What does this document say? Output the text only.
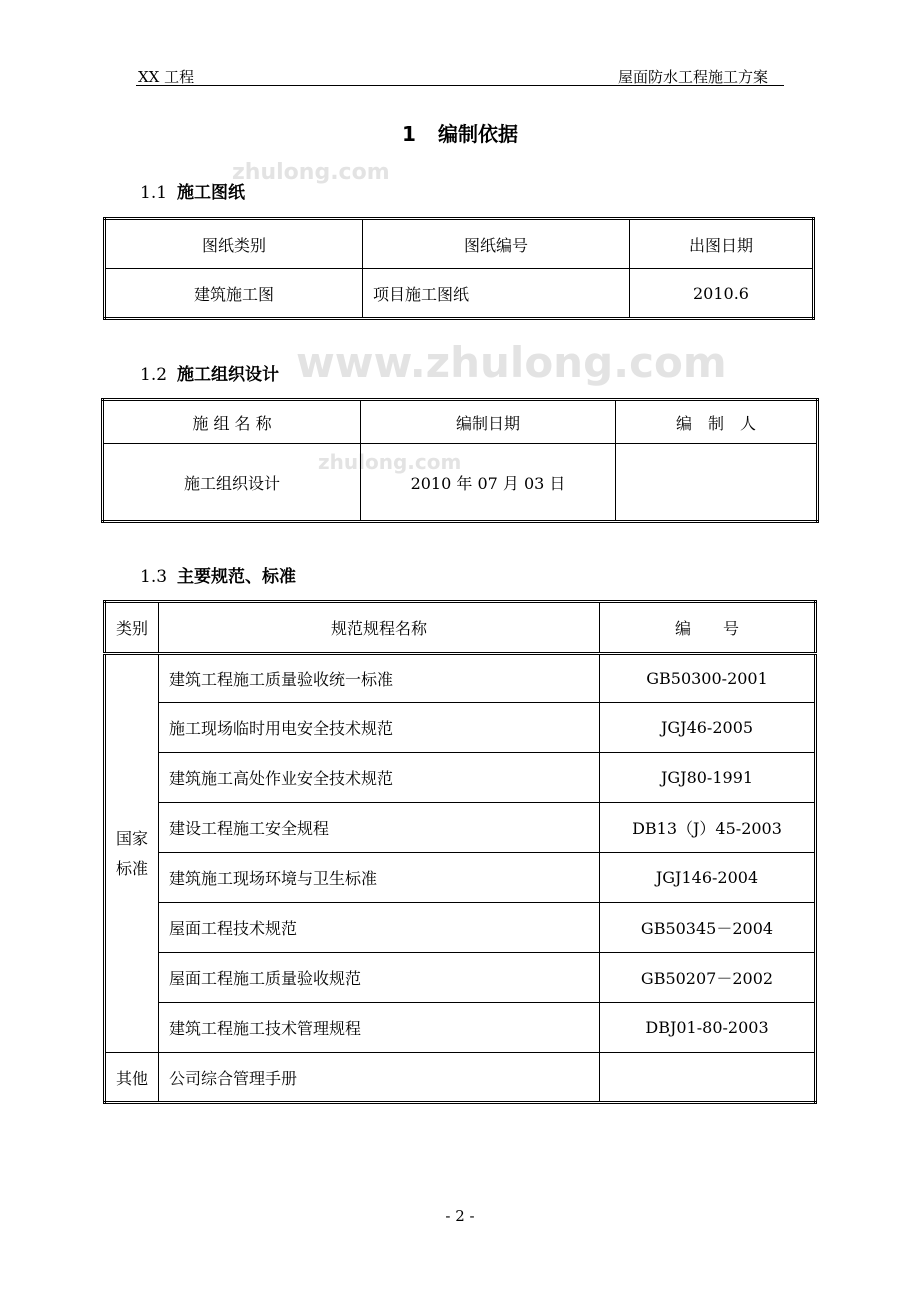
XX 工程	屋面防水工程施工方案
1 编制依据
zhulong.com
www.zhulong.com
zhulong.com
1.1 施工图纸
图纸类别	图纸编号	出图日期
建筑施工图	项目施工图纸	2010.6
1.2 施工组织设计
施 组 名 称	编制日期	编　制　人
施工组织设计	2010 年 07 月 03 日	
1.3 主要规范、标准
类别	规范规程名称	编　　号
国家
标准	建筑工程施工质量验收统一标准	GB50300-2001
	施工现场临时用电安全技术规范	JGJ46-2005
	建筑施工高处作业安全技术规范	JGJ80-1991
	建设工程施工安全规程	DB13（J）45-2003
	建筑施工现场环境与卫生标准	JGJ146-2004
	屋面工程技术规范	GB50345－2004
	屋面工程施工质量验收规范	GB50207－2002
	建筑工程施工技术管理规程	DBJ01-80-2003
其他	公司综合管理手册	
- 2 -
